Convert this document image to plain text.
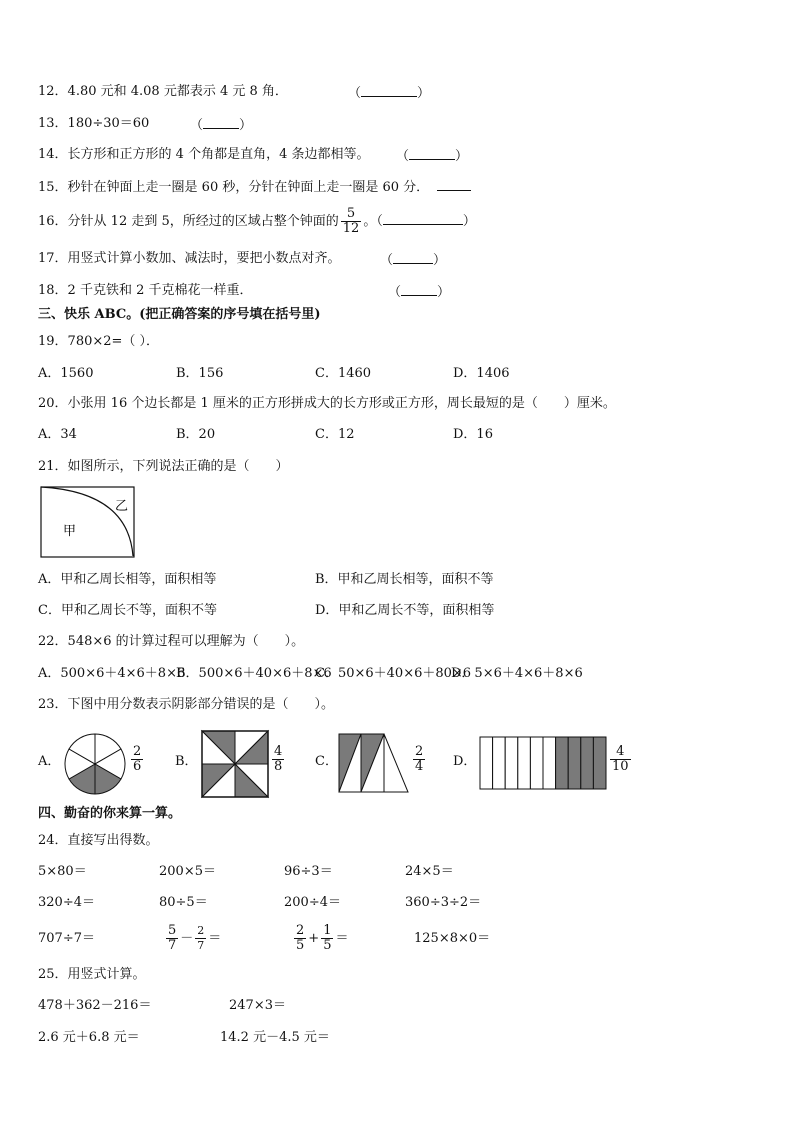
12．4.80 元和 4.08 元都表示 4 元 8 角．	（	）
13．180÷30＝60	（	）
14．长方形和正方形的 4 个角都是直角，4 条边都相等。 （	）
15．秒针在钟面上走一圈是 60 秒，分针在钟面上走一圈是 60 分．
16．分针从 12 走到 5，所经过的区域占整个钟面的 $\frac{5}{12}$ 。（	）
17．用竖式计算小数加、减法时，要把小数点对齐。	（	）
18．2 千克铁和 2 千克棉花一样重．	（	）
三、快乐 ABC。(把正确答案的序号填在括号里)
19．780×2=（ ）．
A．1560	B．156	C．1460	D．1406
20．小张用 16 个边长都是 1 厘米的正方形拼成大的长方形或正方形，周长最短的是（　　）厘米。
A．34	B．20	C．12	D．16
21．如图所示，下列说法正确的是（　　）
甲
乙
A．甲和乙周长相等，面积相等	B．甲和乙周长相等，面积不等
C．甲和乙周长不等，面积不等	D．甲和乙周长不等，面积相等
22．548×6 的计算过程可以理解为（　　）。
A．500×6＋4×6＋8×6
B．500×6＋40×6＋8×6
C．50×6＋40×6＋80×6
D．5×6＋4×6＋8×6
23．下图中用分数表示阴影部分错误的是（　　）。
A．	$\frac{2}{6}$ B．	$\frac{4}{8}$ C．	$\frac{2}{4}$ D．	$\frac{4}{10}$
四、勤奋的你来算一算。
24．直接写出得数。
5×80＝	200×5＝	96÷3＝	24×5＝
320÷4＝	80÷5＝	200÷4＝	360÷3÷2＝
707÷7＝	$\frac{5}{7} - \frac{2}{7}$ ＝	$\frac{2}{5} + \frac{1}{5}$ ＝	125×8×0＝
25．用竖式计算。
478＋362－216＝	247×3＝
2.6 元＋6.8 元＝	14.2 元－4.5 元＝
